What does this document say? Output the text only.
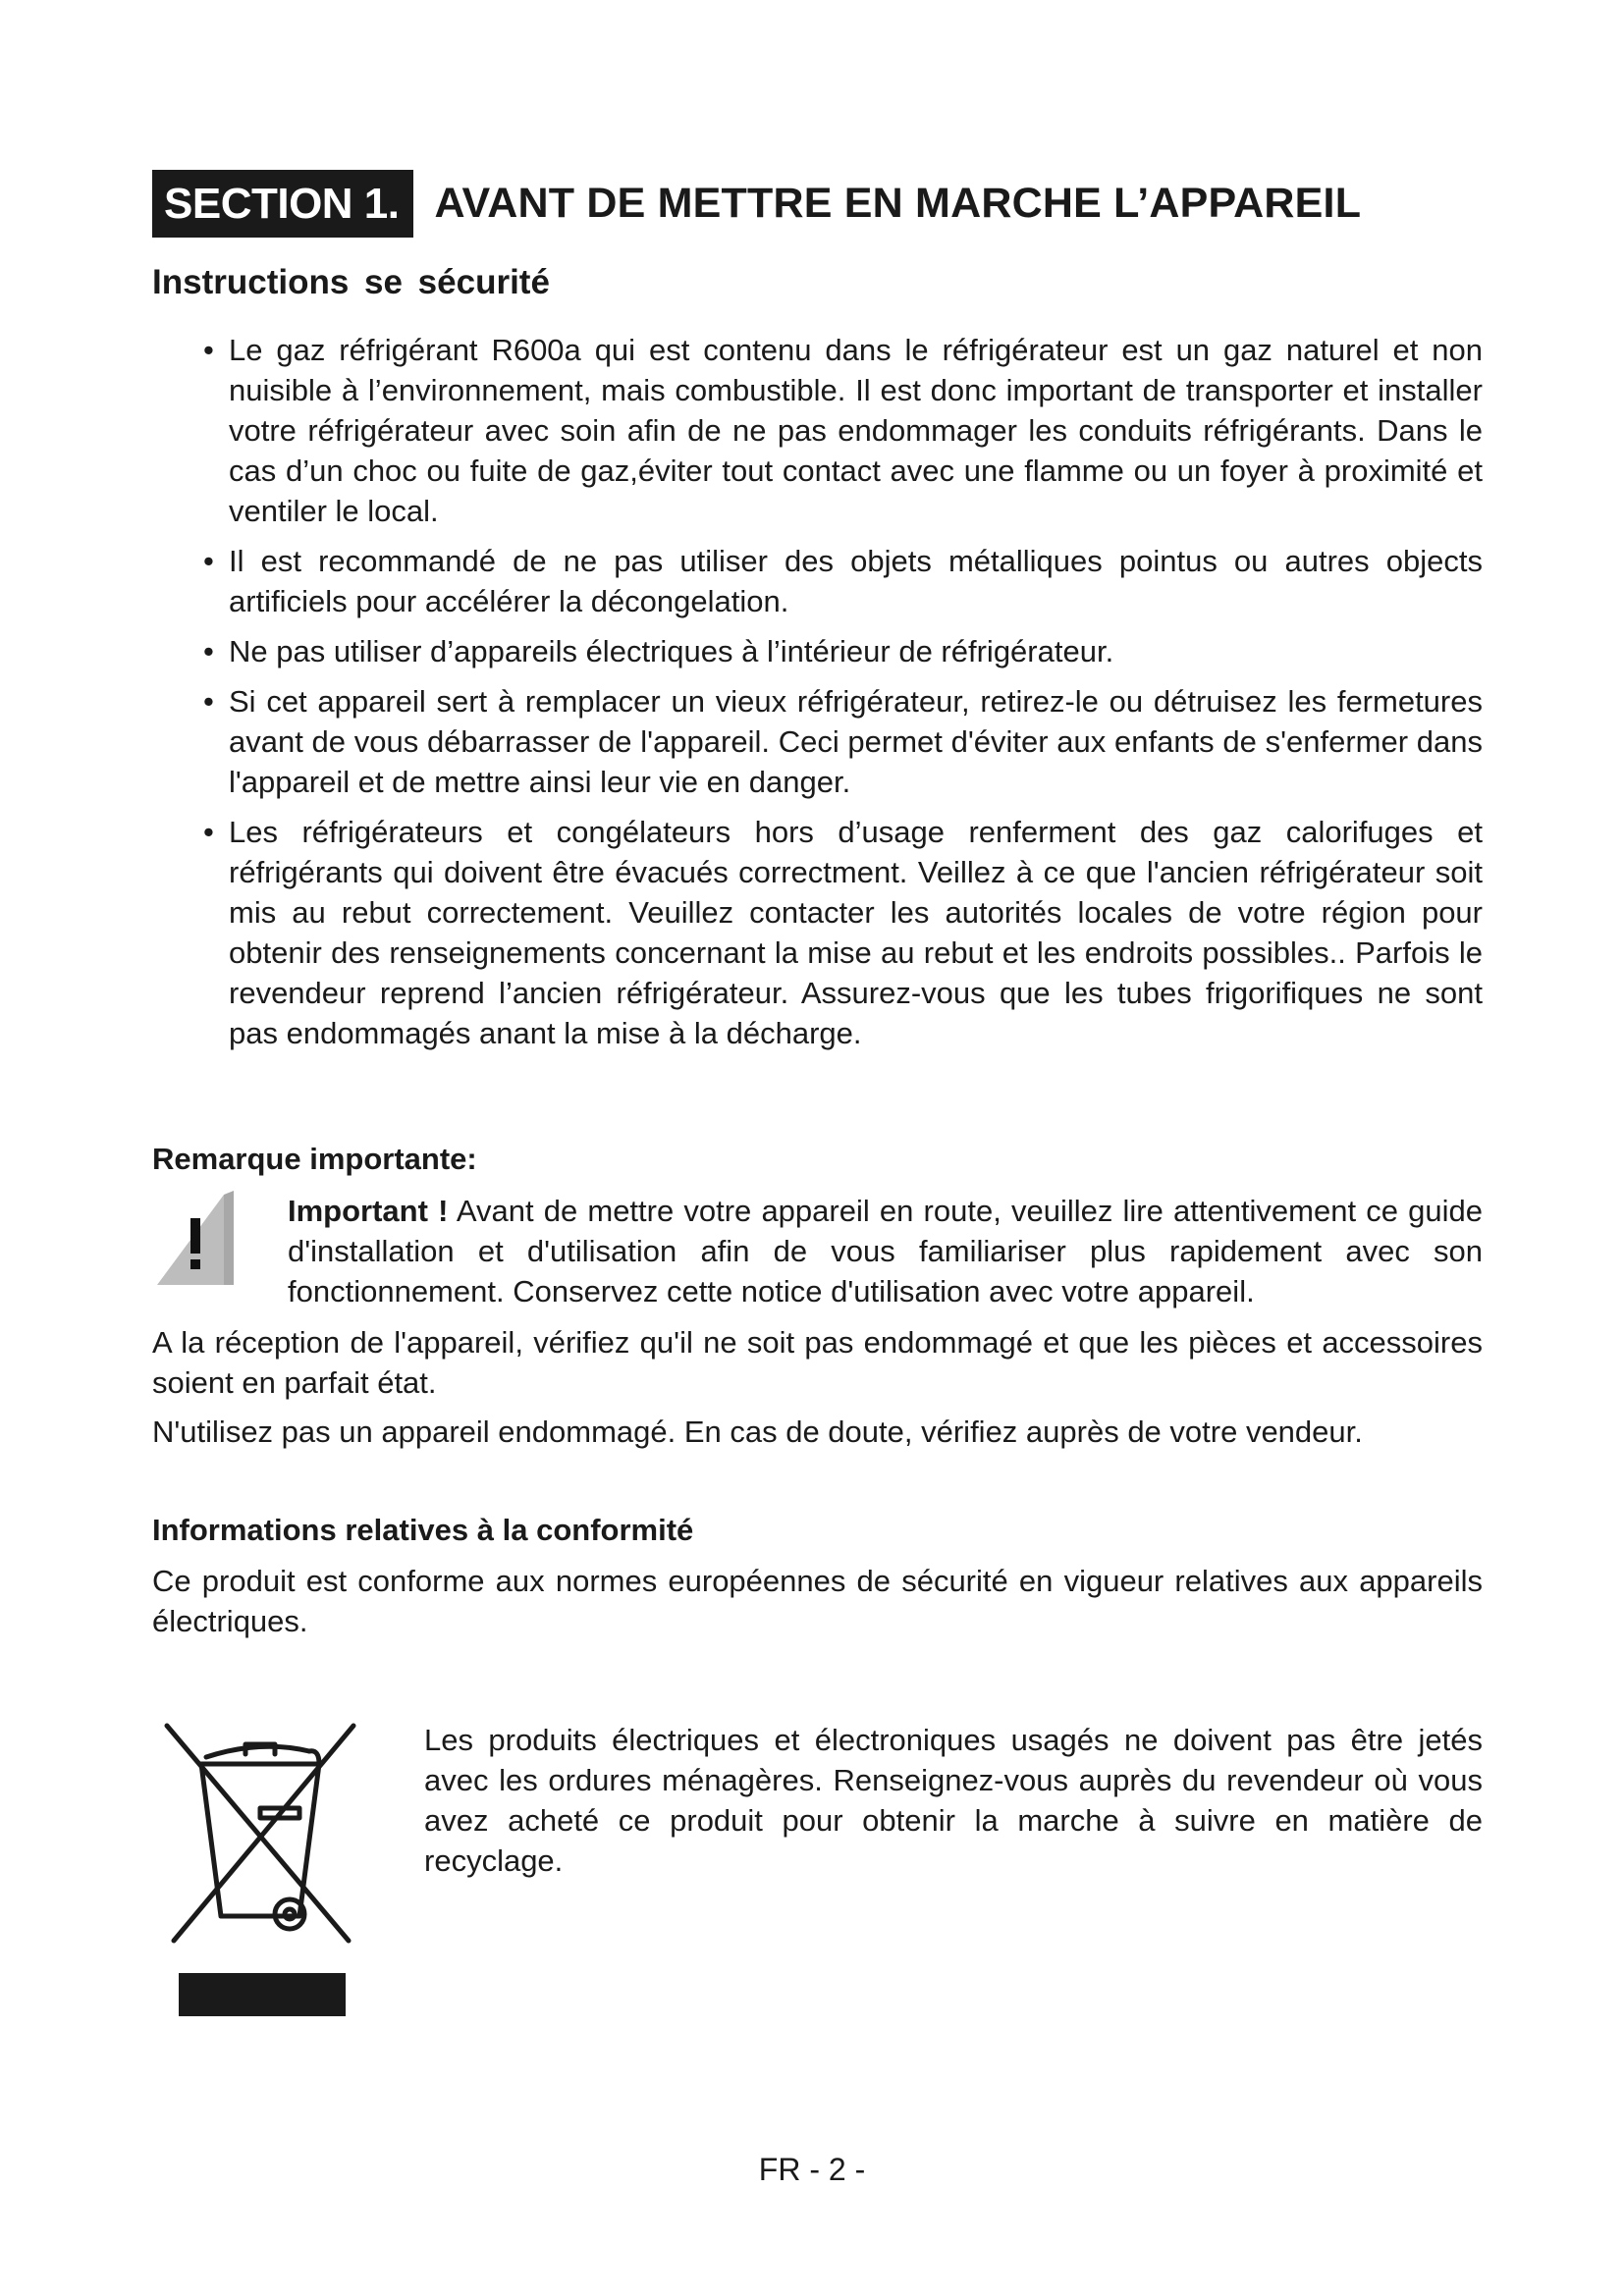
SECTION 1. AVANT DE METTRE EN MARCHE L’APPAREIL
Instructions se sécurité
• Le gaz réfrigérant R600a qui est contenu dans le réfrigérateur est un gaz naturel et non nuisible à l’environnement, mais combustible. Il est donc important de transporter et installer votre réfrigérateur avec soin afin de ne pas endommager les conduits réfrigérants. Dans le cas d’un choc ou fuite de gaz,éviter tout contact avec une flamme ou un foyer à proximité et ventiler le local.
• Il est recommandé de ne pas utiliser des objets métalliques pointus ou autres objects artificiels pour accélérer la décongelation.
• Ne pas utiliser d’appareils électriques à l’intérieur de réfrigérateur.
• Si cet appareil sert à remplacer un vieux réfrigérateur, retirez-le ou détruisez les fermetures avant de vous débarrasser de l'appareil. Ceci permet d'éviter aux enfants de s'enfermer dans l'appareil et de mettre ainsi leur vie en danger.
• Les réfrigérateurs et congélateurs hors d’usage renferment des gaz calorifuges et réfrigérants qui doivent être évacués correctment. Veillez à ce que l'ancien réfrigérateur soit mis au rebut correctement. Veuillez contacter les autorités locales de votre région pour obtenir des renseignements concernant la mise au rebut et les endroits possibles.. Parfois le revendeur reprend l’ancien réfrigérateur. Assurez-vous que les tubes frigorifiques ne sont pas endommagés anant la mise à la décharge.
Remarque importante:

Important ! Avant de mettre votre appareil en route, veuillez lire attentivement ce guide d'installation et d'utilisation afin de vous familiariser plus rapidement avec son fonctionnement. Conservez cette notice d'utilisation avec votre appareil.

A la réception de l'appareil, vérifiez qu'il ne soit pas endommagé et que les pièces et accessoires soient en parfait état.

N'utilisez pas un appareil endommagé. En cas de doute, vérifiez auprès de votre vendeur.

Informations relatives à la conformité

Ce produit est conforme aux normes européennes de sécurité en vigueur relatives aux appareils électriques.

Les produits électriques et électroniques usagés ne doivent pas être jetés avec les ordures ménagères. Renseignez-vous auprès du revendeur où vous avez acheté ce produit pour obtenir la marche à suivre en matière de recyclage.

FR - 2 -
